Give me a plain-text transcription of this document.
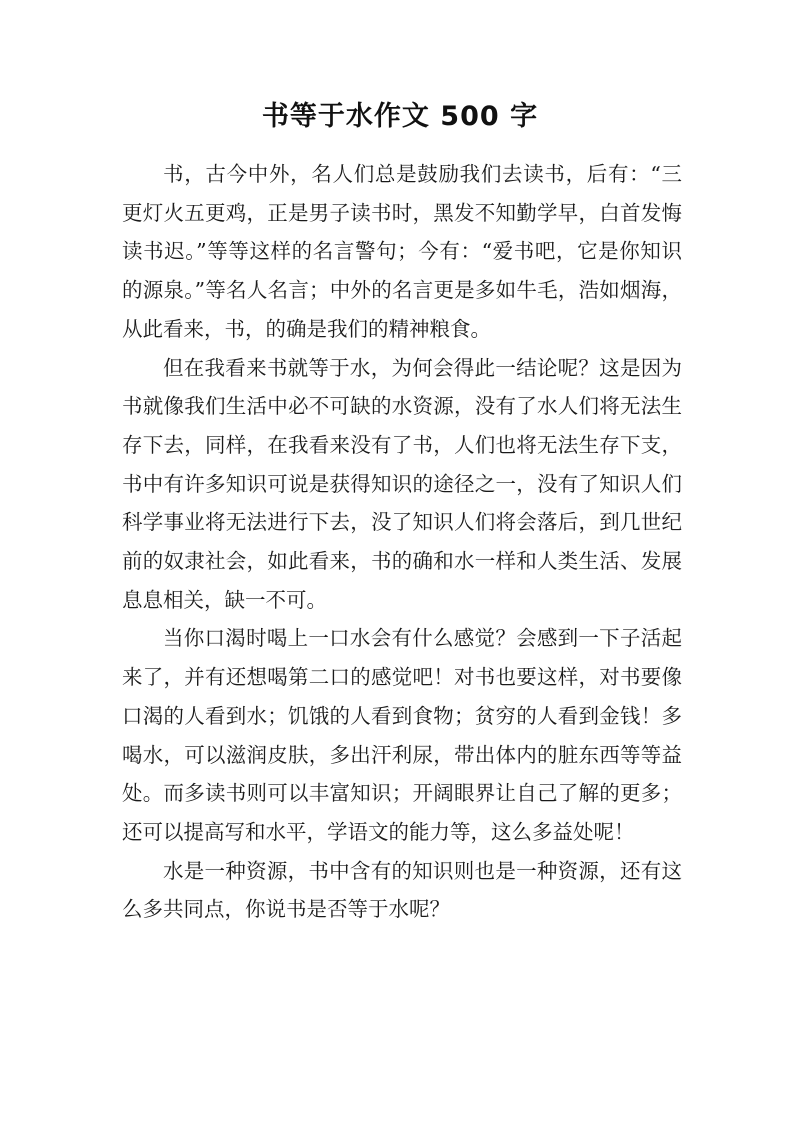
书等于水作文 500 字

书，古今中外，名人们总是鼓励我们去读书，后有：“三更灯火五更鸡，正是男子读书时，黑发不知勤学早，白首发悔读书迟。”等等这样的名言警句；今有：“爱书吧，它是你知识的源泉。”等名人名言；中外的名言更是多如牛毛，浩如烟海，从此看来，书，的确是我们的精神粮食。

但在我看来书就等于水，为何会得此一结论呢？这是因为书就像我们生活中必不可缺的水资源，没有了水人们将无法生存下去，同样，在我看来没有了书，人们也将无法生存下支，书中有许多知识可说是获得知识的途径之一，没有了知识人们科学事业将无法进行下去，没了知识人们将会落后，到几世纪前的奴隶社会，如此看来，书的确和水一样和人类生活、发展息息相关，缺一不可。

当你口渴时喝上一口水会有什么感觉？会感到一下子活起来了，并有还想喝第二口的感觉吧！对书也要这样，对书要像口渴的人看到水；饥饿的人看到食物；贫穷的人看到金钱！多喝水，可以滋润皮肤，多出汗利尿，带出体内的脏东西等等益处。而多读书则可以丰富知识；开阔眼界让自己了解的更多；还可以提高写和水平，学语文的能力等，这么多益处呢！

水是一种资源，书中含有的知识则也是一种资源，还有这么多共同点，你说书是否等于水呢？
